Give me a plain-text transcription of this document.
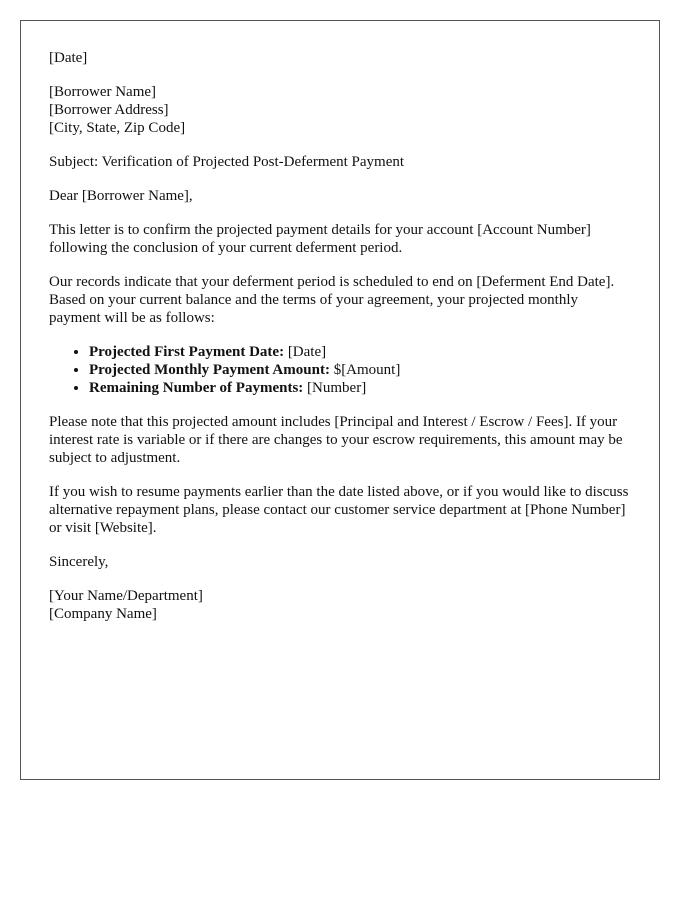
[Date]

[Borrower Name]
[Borrower Address]
[City, State, Zip Code]

Subject: Verification of Projected Post-Deferment Payment

Dear [Borrower Name],

This letter is to confirm the projected payment details for your account [Account Number] following the conclusion of your current deferment period.

Our records indicate that your deferment period is scheduled to end on [Deferment End Date]. Based on your current balance and the terms of your agreement, your projected monthly payment will be as follows:

• Projected First Payment Date: [Date]
• Projected Monthly Payment Amount: $[Amount]
• Remaining Number of Payments: [Number]

Please note that this projected amount includes [Principal and Interest / Escrow / Fees]. If your interest rate is variable or if there are changes to your escrow requirements, this amount may be subject to adjustment.

If you wish to resume payments earlier than the date listed above, or if you would like to discuss alternative repayment plans, please contact our customer service department at [Phone Number] or visit [Website].

Sincerely,

[Your Name/Department]
[Company Name]
